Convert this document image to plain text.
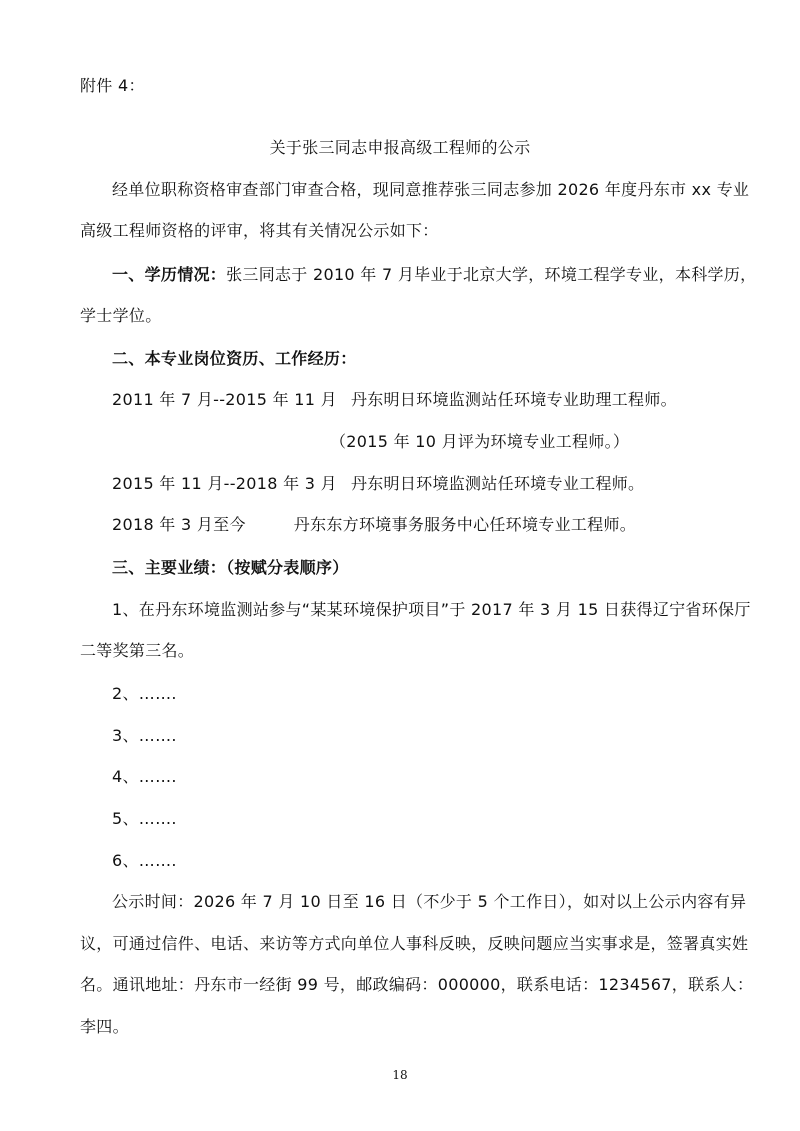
附件 4：
关于张三同志申报高级工程师的公示
经单位职称资格审查部门审查合格，现同意推荐张三同志参加 2026 年度丹东市 xx 专业
高级工程师资格的评审，将其有关情况公示如下：
一、学历情况：张三同志于 2010 年 7 月毕业于北京大学，环境工程学专业，本科学历，
学士学位。
二、本专业岗位资历、工作经历：
2011 年 7 月--2015 年 11 月 丹东明日环境监测站任环境专业助理工程师。
（2015 年 10 月评为环境专业工程师。）
2015 年 11 月--2018 年 3 月 丹东明日环境监测站任环境专业工程师。
2018 年 3 月至今	丹东东方环境事务服务中心任环境专业工程师。
三、主要业绩：（按赋分表顺序）
1、在丹东环境监测站参与“某某环境保护项目”于 2017 年 3 月 15 日获得辽宁省环保厅
二等奖第三名。
2、…….
3、…….
4、…….
5、…….
6、…….
公示时间：2026 年 7 月 10 日至 16 日（不少于 5 个工作日），如对以上公示内容有异
议，可通过信件、电话、来访等方式向单位人事科反映，反映问题应当实事求是，签署真实姓
名。通讯地址：丹东市一经街 99 号，邮政编码：000000，联系电话：1234567，联系人：
李四。
18
